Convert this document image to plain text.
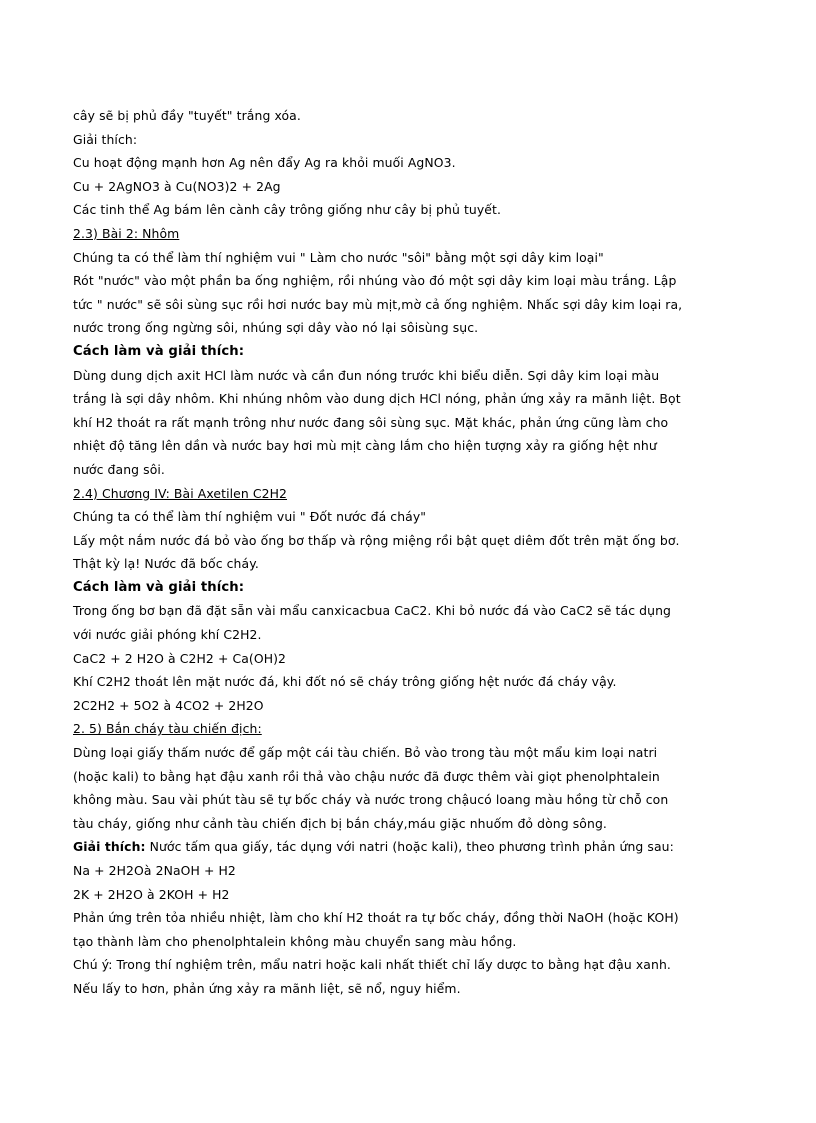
cây sẽ bị phủ đầy "tuyết" trắng xóa.
Giải thích:
Cu hoạt động mạnh hơn Ag nên đẩy Ag ra khỏi muối AgNO3.
Cu + 2AgNO3 à Cu(NO3)2 + 2Ag
Các tinh thể Ag bám lên cành cây trông giống như cây bị phủ tuyết.
2.3) Bài 2: Nhôm
Chúng ta có thể làm thí nghiệm vui " Làm cho nước "sôi" bằng một sợi dây kim loại"
Rót "nước" vào một phần ba ống nghiệm, rồi nhúng vào đó một sợi dây kim loại màu trắng. Lập
tức " nước" sẽ sôi sùng sục rồi hơi nước bay mù mịt,mờ cả ống nghiệm. Nhấc sợi dây kim loại ra,
nước trong ống ngừng sôi, nhúng sợi dây vào nó lại sôisùng sục.
Cách làm và giải thích:
Dùng dung dịch axit HCl làm nước và cần đun nóng trước khi biểu diễn. Sợi dây kim loại màu
trắng là sợi dây nhôm. Khi nhúng nhôm vào dung dịch HCl nóng, phản ứng xảy ra mãnh liệt. Bọt
khí H2 thoát ra rất mạnh trông như nước đang sôi sùng sục. Mặt khác, phản ứng cũng làm cho
nhiệt độ tăng lên dần và nước bay hơi mù mịt càng lắm cho hiện tượng xảy ra giống hệt như
nước đang sôi.
2.4) Chương IV: Bài Axetilen C2H2
Chúng ta có thể làm thí nghiệm vui " Đốt nước đá cháy"
Lấy một nắm nước đá bỏ vào ống bơ thấp và rộng miệng rồi bật quẹt diêm đốt trên mặt ống bơ.
Thật kỳ lạ! Nước đã bốc cháy.
Cách làm và giải thích:
Trong ống bơ bạn đã đặt sẵn vài mẩu canxicacbua CaC2. Khi bỏ nước đá vào CaC2 sẽ tác dụng
với nước giải phóng khí C2H2.
CaC2 + 2 H2O à C2H2 + Ca(OH)2
Khí C2H2 thoát lên mặt nước đá, khi đốt nó sẽ cháy trông giống hệt nước đá cháy vậy.
2C2H2 + 5O2 à 4CO2 + 2H2O
2. 5) Bắn cháy tàu chiến địch:
Dùng loại giấy thấm nước để gấp một cái tàu chiến. Bỏ vào trong tàu một mẩu kim loại natri
(hoặc kali) to bằng hạt đậu xanh rồi thả vào chậu nước đã được thêm vài giọt phenolphtalein
không màu. Sau vài phút tàu sẽ tự bốc cháy và nước trong chậucó loang màu hồng từ chỗ con
tàu cháy, giống như cảnh tàu chiến địch bị bắn cháy,máu giặc nhuốm đỏ dòng sông.
Giải thích: Nước tấm qua giấy, tác dụng với natri (hoặc kali), theo phương trình phản ứng sau:
Na + 2H2Oà 2NaOH + H2
2K + 2H2O à 2KOH + H2
Phản ứng trên tỏa nhiều nhiệt, làm cho khí H2 thoát ra tự bốc cháy, đồng thời NaOH (hoặc KOH)
tạo thành làm cho phenolphtalein không màu chuyển sang màu hồng.
Chú ý: Trong thí nghiệm trên, mẩu natri hoặc kali nhất thiết chỉ lấy dược to bằng hạt đậu xanh.
Nếu lấy to hơn, phản ứng xảy ra mãnh liệt, sẽ nổ, nguy hiểm.
